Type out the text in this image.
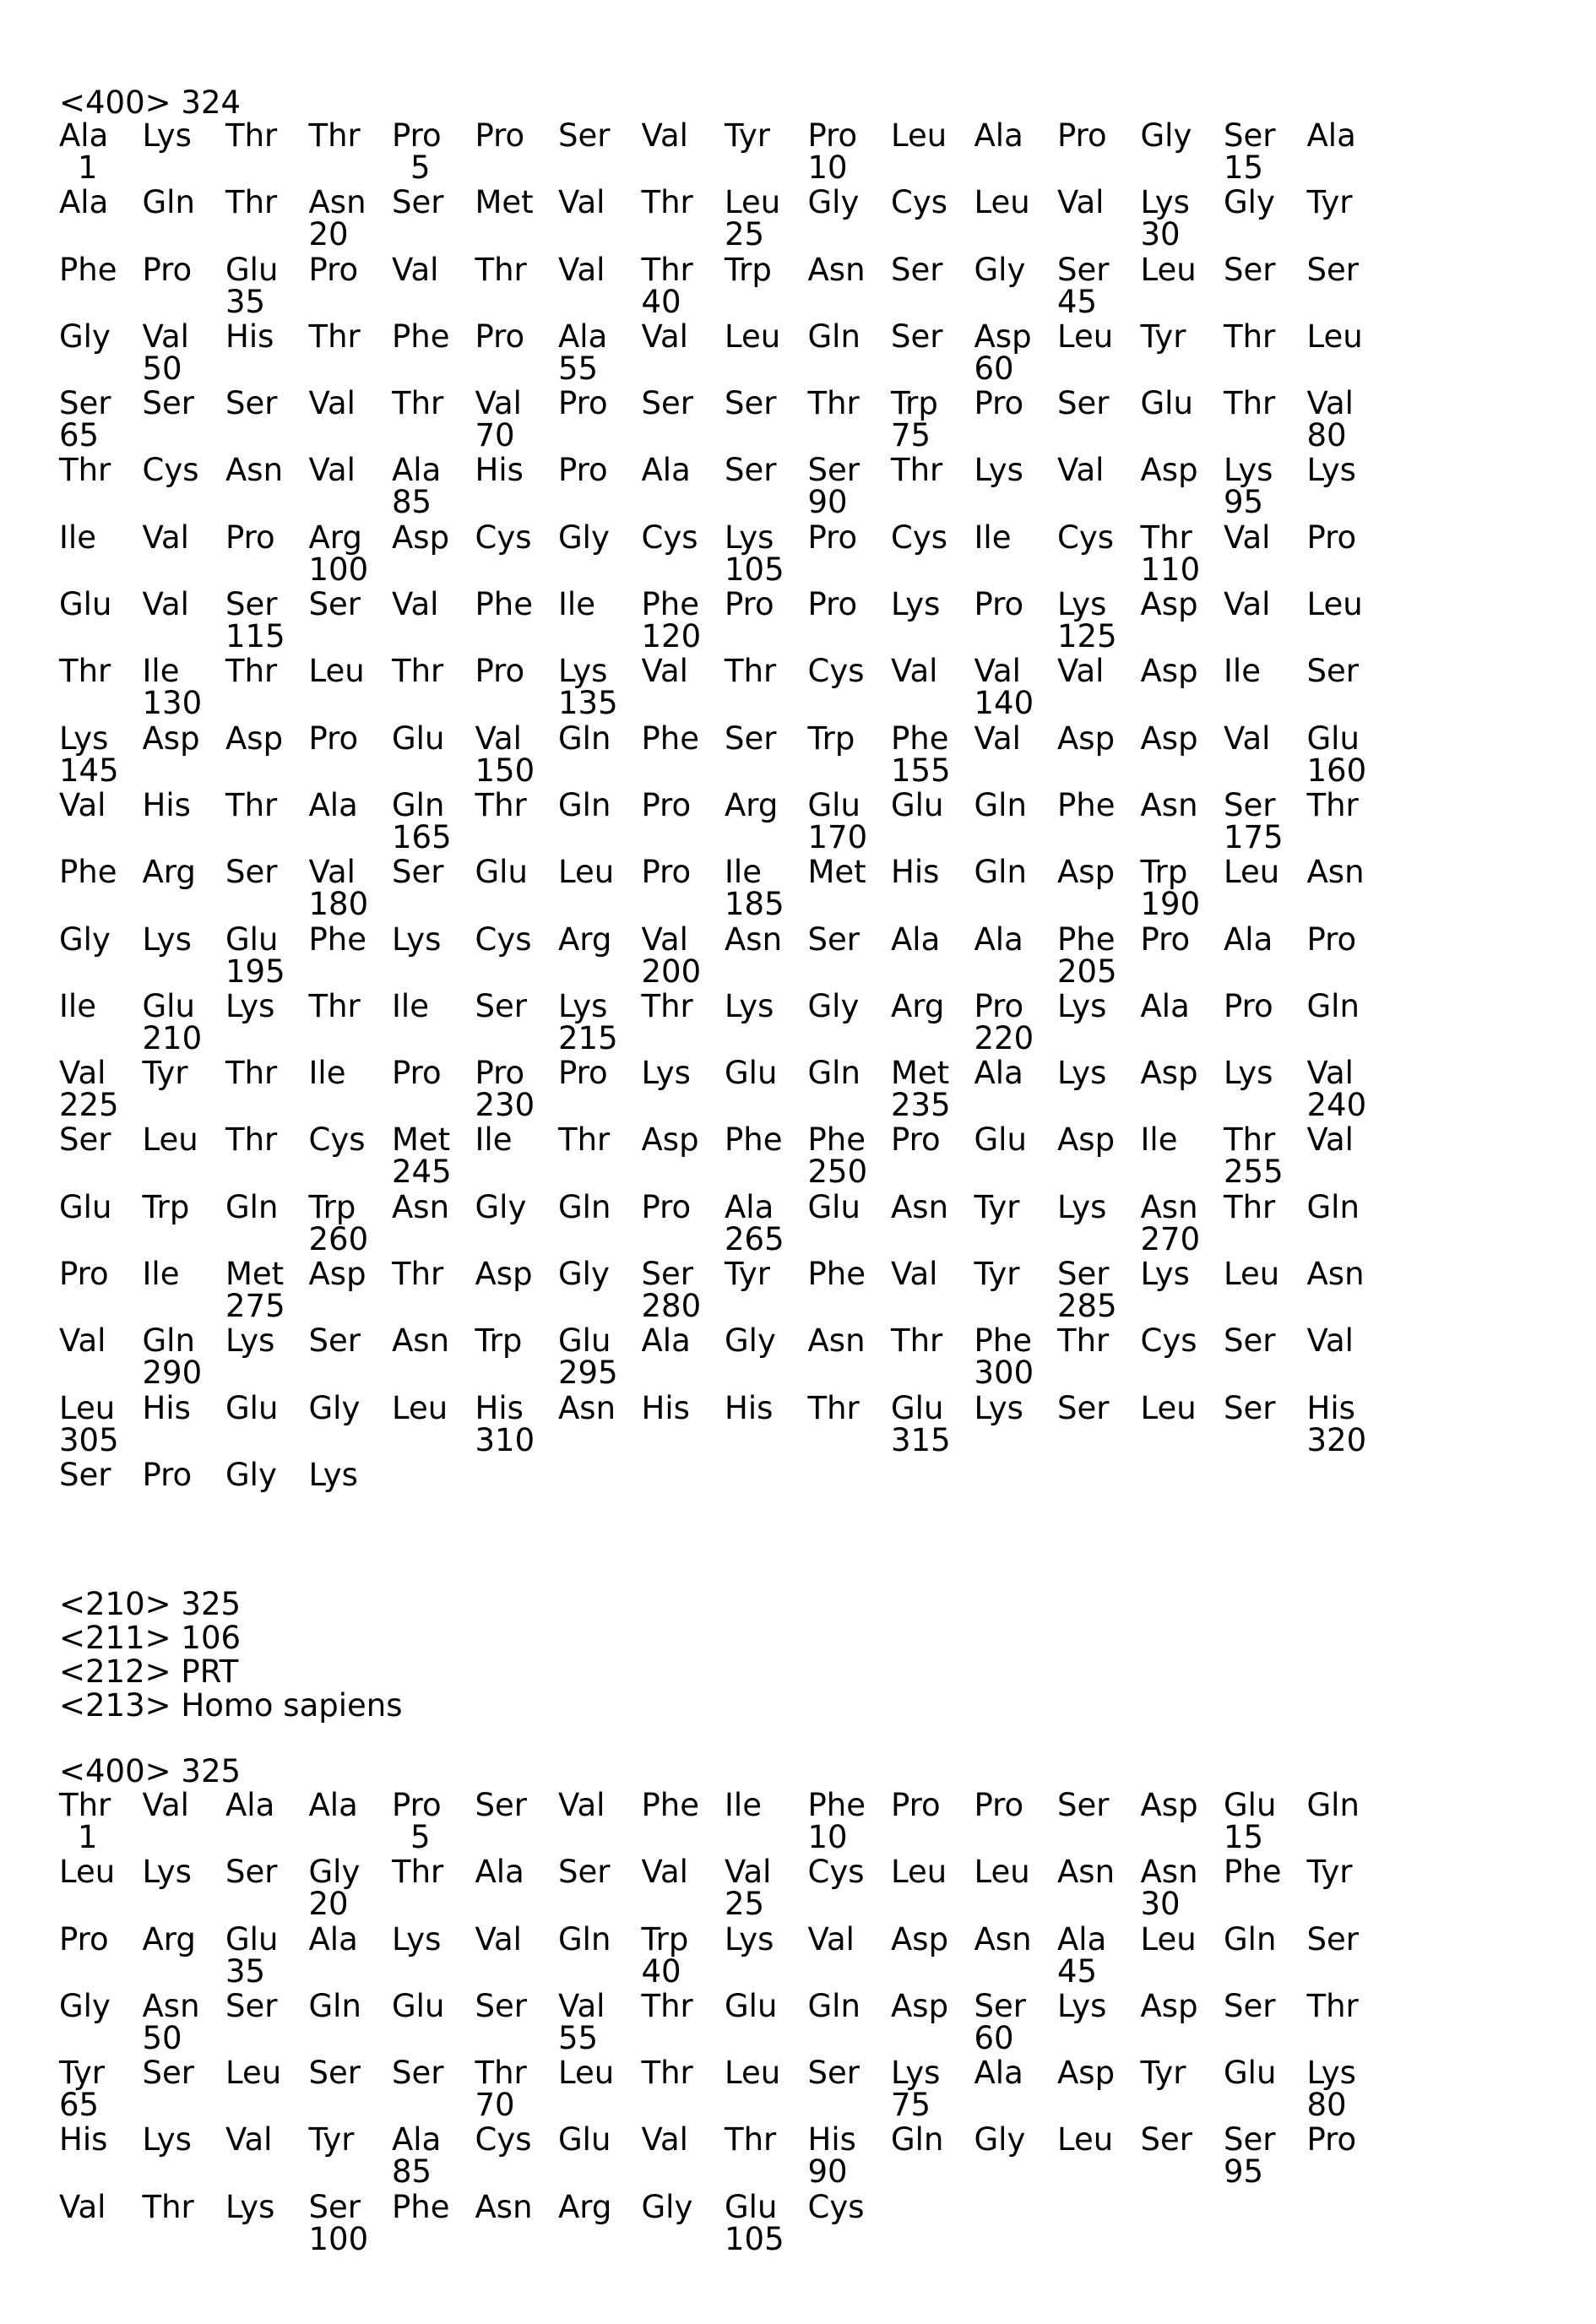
<400> 324
Ala
1
Lys	Thr	Thr	Pro
5
Pro	Ser	Val	Tyr	Pro
10
Leu Ala	Pro	Gly	Ser
15
Ala
Ala	Gln Thr	Asn
20
Ser	Met Val	Thr	Leu
25
Gly	Cys Leu Val	Lys
30
Gly	Tyr
Phe Pro	Glu
35
Pro	Val	Thr	Val	Thr
40
Trp	Asn Ser	Gly	Ser
45
Leu Ser	Ser
Gly	Val
50
His	Thr	Phe Pro	Ala
55
Val	Leu Gln Ser	Asp
60
Leu Tyr	Thr	Leu
Ser
65
Ser	Ser	Val	Thr	Val
70
Pro	Ser	Ser	Thr	Trp
75
Pro	Ser	Glu Thr	Val
80
Thr	Cys Asn Val	Ala
85
His	Pro	Ala	Ser	Ser
90
Thr	Lys	Val	Asp Lys
95
Lys
Ile	Val	Pro	Arg
100
Asp Cys Gly	Cys Lys
105
Pro	Cys Ile	Cys Thr
110
Val	Pro
Glu Val	Ser
115
Ser	Val	Phe Ile	Phe
120
Pro	Pro	Lys	Pro	Lys
125
Asp Val	Leu
Thr	Ile
130
Thr	Leu Thr	Pro	Lys
135
Val	Thr	Cys Val	Val
140
Val	Asp Ile	Ser
Lys
145
Asp Asp Pro	Glu Val
150
Gln Phe Ser	Trp	Phe
155
Val	Asp Asp Val	Glu
160
Val	His	Thr	Ala	Gln
165
Thr	Gln Pro	Arg Glu
170
Glu Gln Phe Asn Ser
175
Thr
Phe Arg Ser	Val
180
Ser	Glu Leu Pro	Ile
185
Met His	Gln Asp Trp
190
Leu Asn
Gly	Lys	Glu
195
Phe Lys	Cys Arg Val
200
Asn Ser	Ala	Ala	Phe
205
Pro	Ala	Pro
Ile	Glu
210
Lys	Thr	Ile	Ser	Lys
215
Thr	Lys	Gly	Arg Pro
220
Lys	Ala	Pro	Gln
Val
225
Tyr	Thr	Ile	Pro	Pro
230
Pro	Lys	Glu Gln Met
235
Ala	Lys	Asp Lys	Val
240
Ser	Leu Thr	Cys Met
245
Ile	Thr	Asp Phe Phe
250
Pro	Glu Asp Ile	Thr
255
Val
Glu Trp	Gln Trp
260
Asn Gly	Gln Pro	Ala
265
Glu Asn Tyr	Lys	Asn
270
Thr	Gln
Pro	Ile	Met
275
Asp Thr	Asp Gly	Ser
280
Tyr	Phe Val	Tyr	Ser
285
Lys	Leu Asn
Val	Gln
290
Lys	Ser	Asn Trp	Glu
295
Ala	Gly	Asn Thr	Phe
300
Thr	Cys Ser	Val
Leu
305
His	Glu Gly	Leu His
310
Asn His	His	Thr	Glu
315
Lys	Ser	Leu Ser	His
320
Ser	Pro	Gly	Lys
<210> 325
<211> 106
<212> PRT
<213> Homo sapiens
<400> 325
Thr
1
Val	Ala	Ala	Pro
5
Ser	Val	Phe Ile	Phe
10
Pro	Pro	Ser	Asp Glu
15
Gln
Leu Lys	Ser	Gly
20
Thr	Ala	Ser	Val	Val
25
Cys Leu Leu Asn Asn
30
Phe Tyr
Pro	Arg Glu
35
Ala	Lys	Val	Gln Trp
40
Lys	Val	Asp Asn Ala
45
Leu Gln Ser
Gly	Asn
50
Ser	Gln Glu Ser	Val
55
Thr	Glu Gln Asp Ser
60
Lys	Asp Ser	Thr
Tyr
65
Ser	Leu Ser	Ser	Thr
70
Leu Thr	Leu Ser	Lys
75
Ala	Asp Tyr	Glu Lys
80
His	Lys	Val	Tyr	Ala
85
Cys Glu Val	Thr	His
90
Gln Gly	Leu Ser	Ser
95
Pro
Val	Thr	Lys	Ser
100
Phe Asn Arg Gly	Glu
105
Cys
